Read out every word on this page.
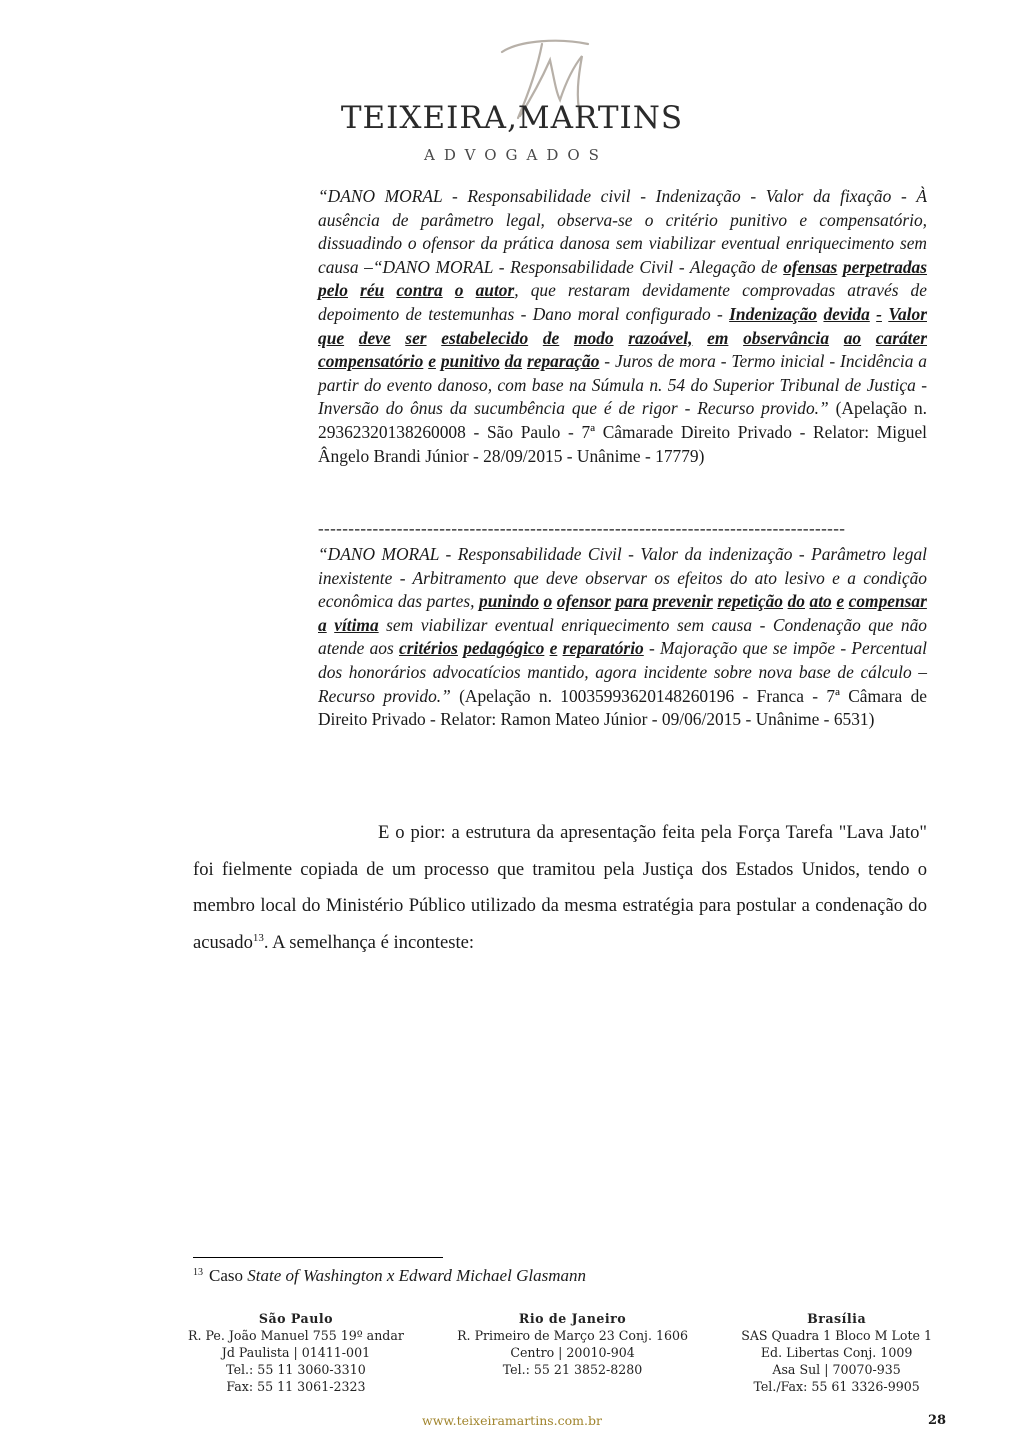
TEIXEIRA,MARTINS
ADVOGADOS
“DANO MORAL - Responsabilidade civil - Indenização - Valor da fixação - À ausência de parâmetro legal, observa-se o critério punitivo e compensatório, dissuadindo o ofensor da prática danosa sem viabilizar eventual enriquecimento sem causa –“DANO MORAL - Responsabilidade Civil - Alegação de ofensas perpetradas pelo réu contra o autor, que restaram devidamente comprovadas através de depoimento de testemunhas - Dano moral configurado - Indenização devida - Valor que deve ser estabelecido de modo razoável, em observância ao caráter compensatório e punitivo da reparação - Juros de mora - Termo inicial - Incidência a partir do evento danoso, com base na Súmula n. 54 do Superior Tribunal de Justiça - Inversão do ônus da sucumbência que é de rigor - Recurso provido.” (Apelação n. 29362320138260008 - São Paulo - 7ª Câmarade Direito Privado - Relator: Miguel Ângelo Brandi Júnior - 28/09/2015 - Unânime - 17779)
---------------------------------------------------------------------------------------
“DANO MORAL - Responsabilidade Civil - Valor da indenização - Parâmetro legal inexistente - Arbitramento que deve observar os efeitos do ato lesivo e a condição econômica das partes, punindo o ofensor para prevenir repetição do ato e compensar a vítima sem viabilizar eventual enriquecimento sem causa - Condenação que não atende aos critérios pedagógico e reparatório - Majoração que se impõe - Percentual dos honorários advocatícios mantido, agora incidente sobre nova base de cálculo – Recurso provido.” (Apelação n. 10035993620148260196 - Franca - 7ª Câmara de Direito Privado - Relator: Ramon Mateo Júnior - 09/06/2015 - Unânime - 6531)
E o pior: a estrutura da apresentação feita pela Força Tarefa "Lava Jato" foi fielmente copiada de um processo que tramitou pela Justiça dos Estados Unidos, tendo o membro local do Ministério Público utilizado da mesma estratégia para postular a condenação do acusado$^{13}$. A semelhança é inconteste:
$^{13}$ Caso State of Washington x Edward Michael Glasmann
São Paulo
R. Pe. João Manuel 755 19º andar
Jd Paulista | 01411-001
Tel.: 55 11 3060-3310
Fax: 55 11 3061-2323
Rio de Janeiro
R. Primeiro de Março 23 Conj. 1606
Centro | 20010-904
Tel.: 55 21 3852-8280
Brasília
SAS Quadra 1 Bloco M Lote 1
Ed. Libertas Conj. 1009
Asa Sul | 70070-935
Tel./Fax: 55 61 3326-9905
www.teixeiramartins.com.br	28
